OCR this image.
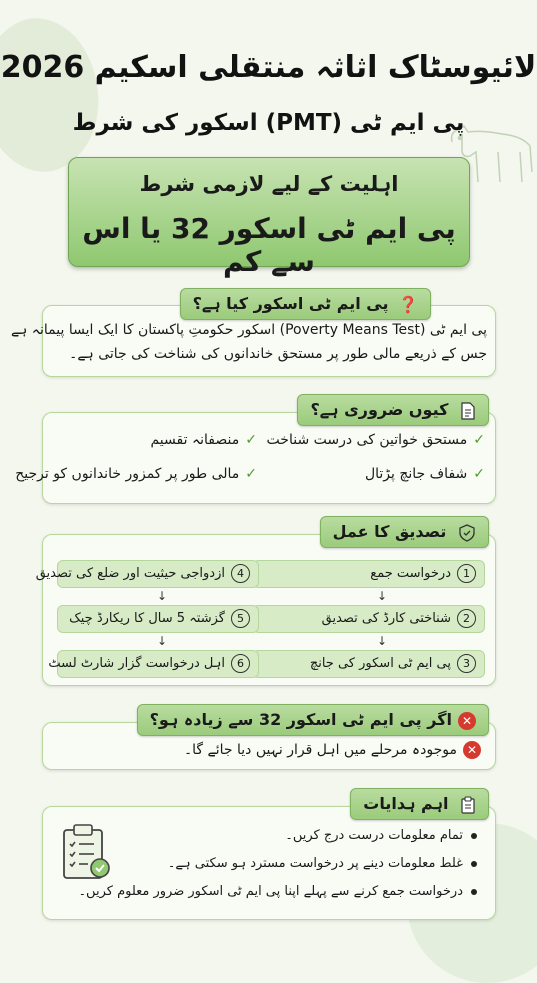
لائیوسٹاک اثاثہ منتقلی اسکیم 2026
پی ایم ٹی (PMT) اسکور کی شرط
اہلیت کے لیے لازمی شرط
پی ایم ٹی اسکور 32 یا اس سے کم
❓ پی ایم ٹی اسکور کیا ہے؟
پی ایم ٹی (Poverty Means Test) اسکور حکومتِ پاکستان کا ایک ایسا پیمانہ ہے
جس کے ذریعے مالی طور پر مستحق خاندانوں کی شناخت کی جاتی ہے۔
کیوں ضروری ہے؟
✓مستحق خواتین کی درست شناخت
✓منصفانہ تقسیم
✓شفاف جانچ پڑتال
✓مالی طور پر کمزور خاندانوں کو ترجیح
تصدیق کا عمل
1درخواست جمع
↓
2شناختی کارڈ کی تصدیق
↓
3پی ایم ٹی اسکور کی جانچ
4ازدواجی حیثیت اور ضلع کی تصدیق
↓
5گزشتہ 5 سال کا ریکارڈ چیک
↓
6اہل درخواست گزار شارٹ لسٹ
✕اگر پی ایم ٹی اسکور 32 سے زیادہ ہو؟
✕موجودہ مرحلے میں اہل قرار نہیں دیا جائے گا۔
اہم ہدایات
تمام معلومات درست درج کریں۔
غلط معلومات دینے پر درخواست مسترد ہو سکتی ہے۔
درخواست جمع کرنے سے پہلے اپنا پی ایم ٹی اسکور ضرور معلوم کریں۔
